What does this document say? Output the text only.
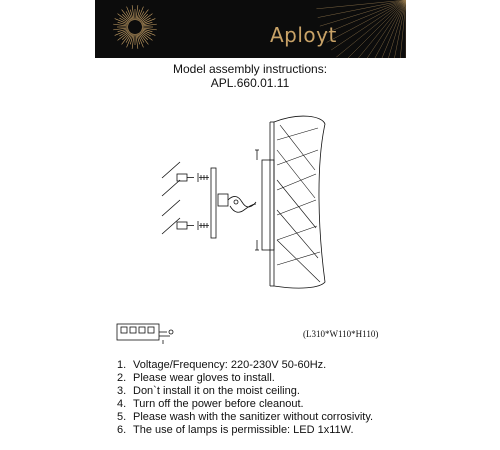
Aployt
Model assembly instructions:
APL.660.01.11
(L310*W110*H110)
1. Voltage/Frequency: 220-230V 50-60Hz.
2. Please wear gloves to install.
3. Don`t install it on the moist ceiling.
4. Turn off the power before cleanout.
5. Please wash with the sanitizer without corrosivity.
6. The use of lamps is permissible: LED 1x11W.
